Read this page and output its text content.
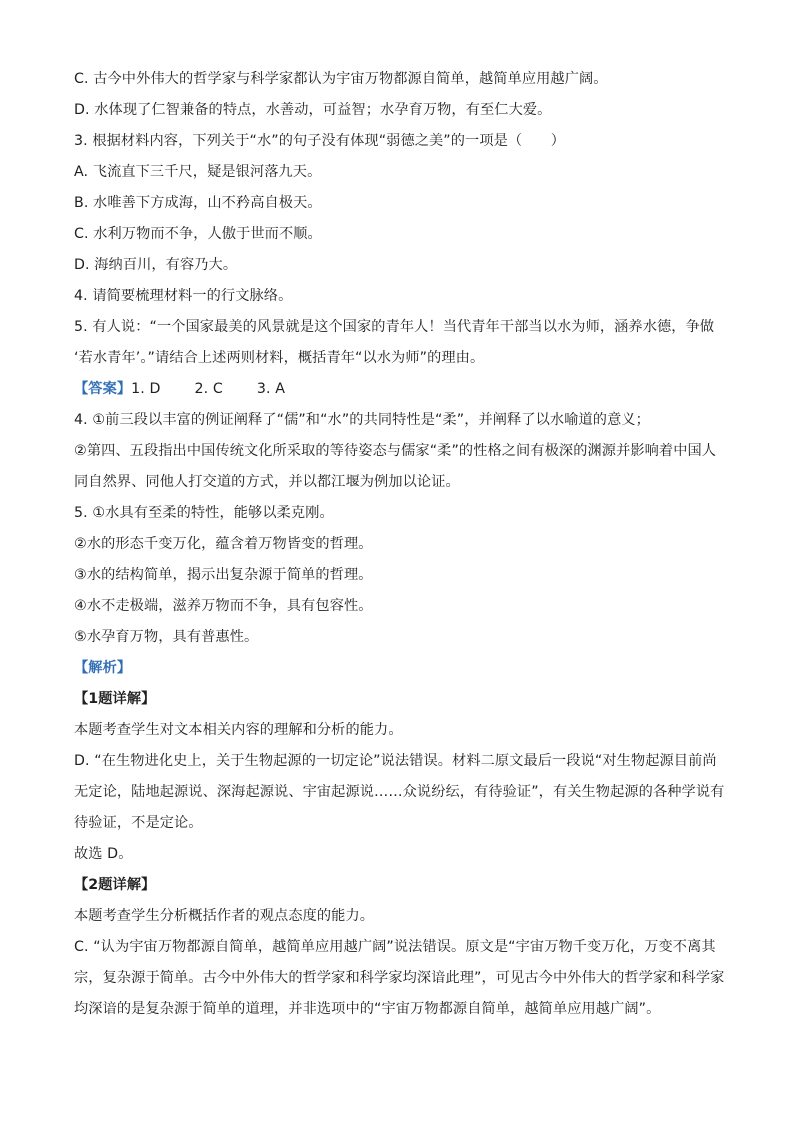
C. 古今中外伟大的哲学家与科学家都认为宇宙万物都源自简单，越简单应用越广阔。
D. 水体现了仁智兼备的特点，水善动，可益智；水孕育万物，有至仁大爱。
3. 根据材料内容，下列关于“水”的句子没有体现“弱德之美”的一项是（　　）
A. 飞流直下三千尺，疑是银河落九天。
B. 水唯善下方成海，山不矜高自极天。
C. 水利万物而不争，人傲于世而不顺。
D. 海纳百川，有容乃大。
4. 请简要梳理材料一的行文脉络。
5. 有人说：“一个国家最美的风景就是这个国家的青年人！当代青年干部当以水为师，涵养水德，争做
‘若水青年’。”请结合上述两则材料，概括青年“以水为师”的理由。
【答案】1. D 2. C 3. A
4. ①前三段以丰富的例证阐释了“儒”和“水”的共同特性是“柔”，并阐释了以水喻道的意义；
②第四、五段指出中国传统文化所采取的等待姿态与儒家“柔”的性格之间有极深的渊源并影响着中国人
同自然界、同他人打交道的方式，并以都江堰为例加以论证。
5. ①水具有至柔的特性，能够以柔克刚。
②水的形态千变万化，蕴含着万物皆变的哲理。
③水的结构简单，揭示出复杂源于简单的哲理。
④水不走极端，滋养万物而不争，具有包容性。
⑤水孕育万物，具有普惠性。
【解析】
【1题详解】
本题考查学生对文本相关内容的理解和分析的能力。
D. “在生物进化史上，关于生物起源的一切定论”说法错误。材料二原文最后一段说“对生物起源目前尚
无定论，陆地起源说、深海起源说、宇宙起源说……众说纷纭，有待验证”，有关生物起源的各种学说有
待验证，不是定论。
故选 D。
【2题详解】
本题考查学生分析概括作者的观点态度的能力。
C. “认为宇宙万物都源自简单，越简单应用越广阔”说法错误。原文是“宇宙万物千变万化，万变不离其
宗，复杂源于简单。古今中外伟大的哲学家和科学家均深谙此理”，可见古今中外伟大的哲学家和科学家
均深谙的是复杂源于简单的道理，并非选项中的“宇宙万物都源自简单，越简单应用越广阔”。
